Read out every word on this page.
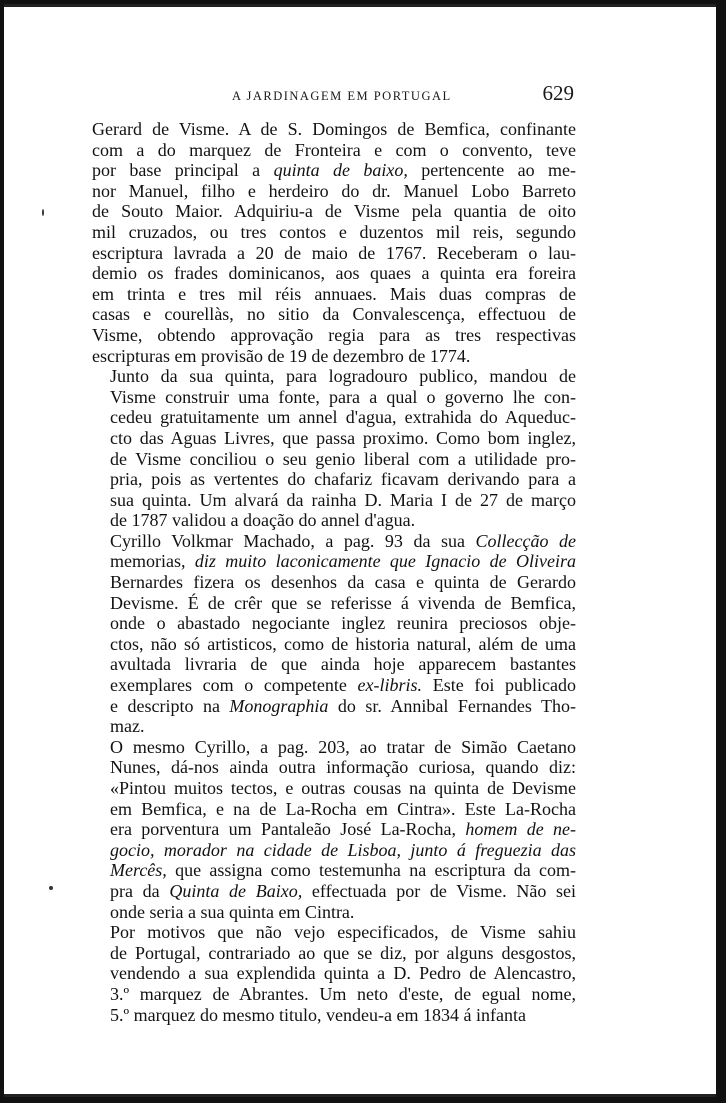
A JARDINAGEM EM PORTUGAL	629

Gerard de Visme. A de S. Domingos de Bemfica, confinante
com a do marquez de Fronteira e com o convento, teve
por base principal a quinta de baixo, pertencente ao me-
nor Manuel, filho e herdeiro do dr. Manuel Lobo Barreto
de Souto Maior. Adquiriu-a de Visme pela quantia de oito
mil cruzados, ou tres contos e duzentos mil reis, segundo
escriptura lavrada a 20 de maio de 1767. Receberam o lau-
demio os frades dominicanos, aos quaes a quinta era foreira
em trinta e tres mil réis annuaes. Mais duas compras de
casas e courellàs, no sitio da Convalescença, effectuou de
Visme, obtendo approvação regia para as tres respectivas
escripturas em provisão de 19 de dezembro de 1774.

Junto da sua quinta, para logradouro publico, mandou de
Visme construir uma fonte, para a qual o governo lhe con-
cedeu gratuitamente um annel d'agua, extrahida do Aqueduc-
cto das Aguas Livres, que passa proximo. Como bom inglez,
de Visme conciliou o seu genio liberal com a utilidade pro-
pria, pois as vertentes do chafariz ficavam derivando para a
sua quinta. Um alvará da rainha D. Maria I de 27 de março
de 1787 validou a doação do annel d'agua.

Cyrillo Volkmar Machado, a pag. 93 da sua Collecção de
memorias, diz muito laconicamente que Ignacio de Oliveira
Bernardes fizera os desenhos da casa e quinta de Gerardo
Devisme. É de crêr que se referisse á vivenda de Bemfica,
onde o abastado negociante inglez reunira preciosos obje-
ctos, não só artisticos, como de historia natural, além de uma
avultada livraria de que ainda hoje apparecem bastantes
exemplares com o competente ex-libris. Este foi publicado
e descripto na Monographia do sr. Annibal Fernandes Tho-
maz.

O mesmo Cyrillo, a pag. 203, ao tratar de Simão Caetano
Nunes, dá-nos ainda outra informação curiosa, quando diz:
«Pintou muitos tectos, e outras cousas na quinta de Devisme
em Bemfica, e na de La-Rocha em Cintra». Este La-Rocha
era porventura um Pantaleão José La-Rocha, homem de ne-
gocio, morador na cidade de Lisboa, junto á freguezia das
Mercês, que assigna como testemunha na escriptura da com-
pra da Quinta de Baixo, effectuada por de Visme. Não sei
onde seria a sua quinta em Cintra.

Por motivos que não vejo especificados, de Visme sahiu
de Portugal, contrariado ao que se diz, por alguns desgostos,
vendendo a sua explendida quinta a D. Pedro de Alencastro,
3.º marquez de Abrantes. Um neto d'este, de egual nome,
5.º marquez do mesmo titulo, vendeu-a em 1834 á infanta
